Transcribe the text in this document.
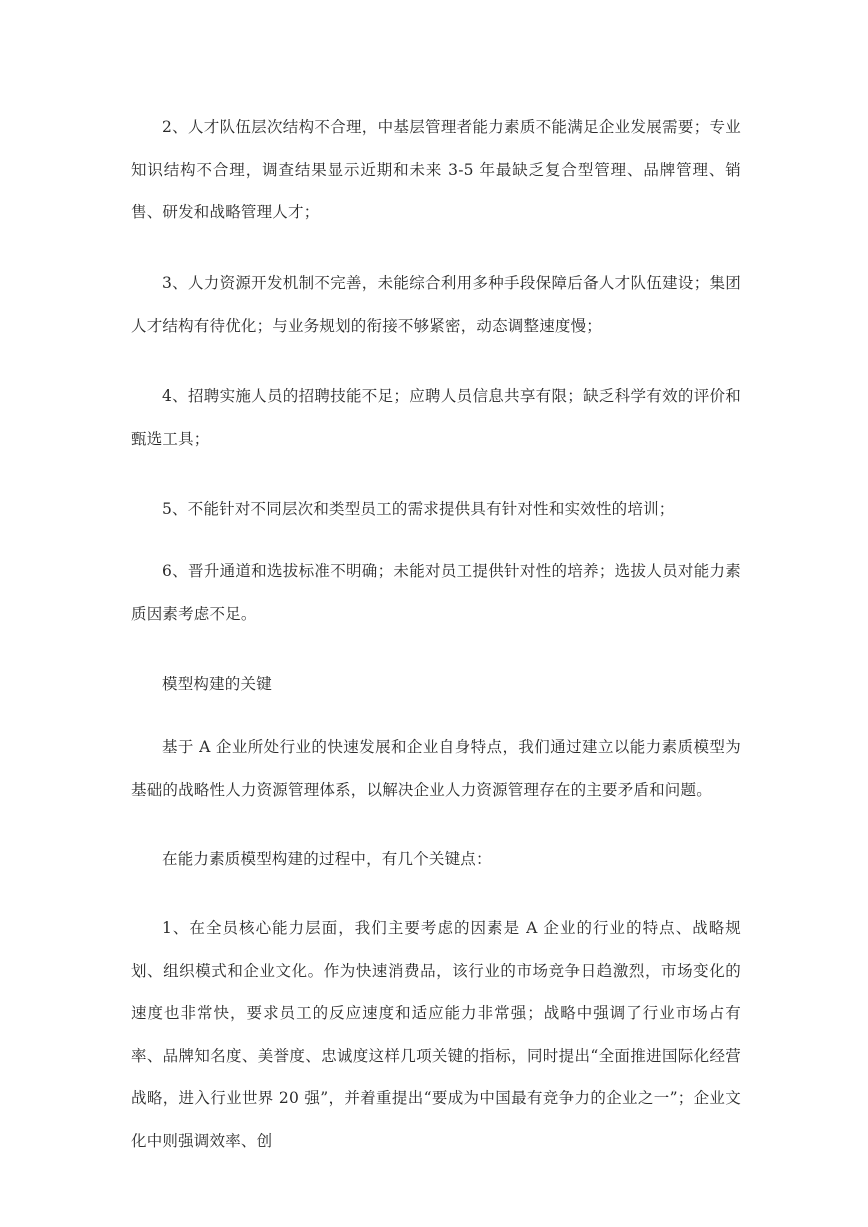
2、人才队伍层次结构不合理，中基层管理者能力素质不能满足企业发展需要；专业知识结构不合理，调查结果显示近期和未来 3-5 年最缺乏复合型管理、品牌管理、销售、研发和战略管理人才；

3、人力资源开发机制不完善，未能综合利用多种手段保障后备人才队伍建设；集团人才结构有待优化；与业务规划的衔接不够紧密，动态调整速度慢；

4、招聘实施人员的招聘技能不足；应聘人员信息共享有限；缺乏科学有效的评价和甄选工具；

5、不能针对不同层次和类型员工的需求提供具有针对性和实效性的培训；

6、晋升通道和选拔标准不明确；未能对员工提供针对性的培养；选拔人员对能力素质因素考虑不足。

模型构建的关键

基于 A 企业所处行业的快速发展和企业自身特点，我们通过建立以能力素质模型为基础的战略性人力资源管理体系，以解决企业人力资源管理存在的主要矛盾和问题。

在能力素质模型构建的过程中，有几个关键点：

1、在全员核心能力层面，我们主要考虑的因素是 A 企业的行业的特点、战略规划、组织模式和企业文化。作为快速消费品，该行业的市场竞争日趋激烈，市场变化的速度也非常快，要求员工的反应速度和适应能力非常强；战略中强调了行业市场占有率、品牌知名度、美誉度、忠诚度这样几项关键的指标，同时提出“全面推进国际化经营战略，进入行业世界 20 强”，并着重提出“要成为中国最有竞争力的企业之一”；企业文化中则强调效率、创
